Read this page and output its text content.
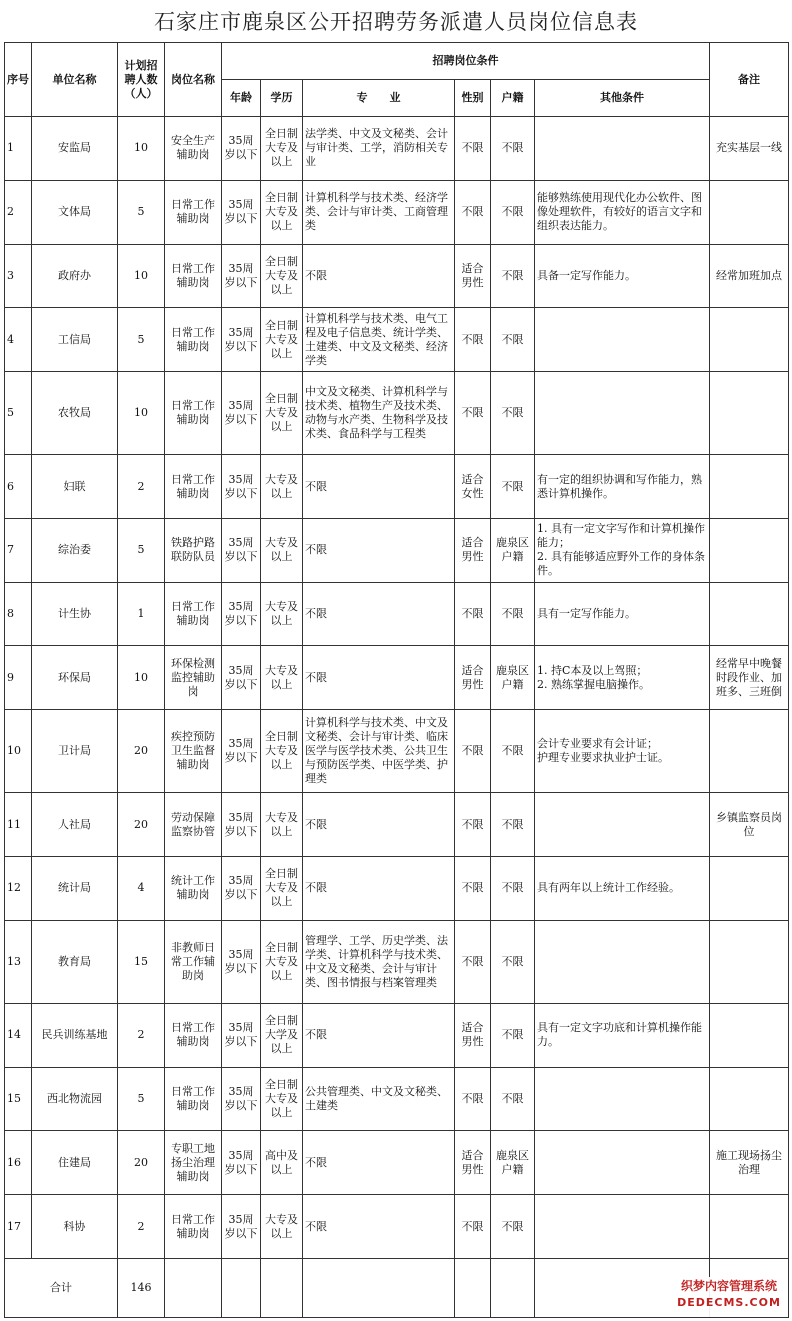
石家庄市鹿泉区公开招聘劳务派遣人员岗位信息表
序号	单位名称	计划招聘人数（人）	岗位名称	招聘岗位条件						备注
				年龄	学历	专　　业	性别	户籍	其他条件	
1	安监局	10	安全生产辅助岗	35周岁以下	全日制大专及以上	法学类、中文及文秘类、会计与审计类、工学，消防相关专业	不限	不限		充实基层一线
2	文体局	5	日常工作辅助岗	35周岁以下	全日制大专及以上	计算机科学与技术类、经济学类、会计与审计类、工商管理类	不限	不限	能够熟练使用现代化办公软件、图像处理软件，有较好的语言文字和组织表达能力。	
3	政府办	10	日常工作辅助岗	35周岁以下	全日制大专及以上	不限	适合男性	不限	具备一定写作能力。	经常加班加点
4	工信局	5	日常工作辅助岗	35周岁以下	全日制大专及以上	计算机科学与技术类、电气工程及电子信息类、统计学类、土建类、中文及文秘类、经济学类	不限	不限		
5	农牧局	10	日常工作辅助岗	35周岁以下	全日制大专及以上	中文及文秘类、计算机科学与技术类、植物生产及技术类、动物与水产类、生物科学及技术类、食品科学与工程类	不限	不限		
6	妇联	2	日常工作辅助岗	35周岁以下	大专及以上	不限	适合女性	不限	有一定的组织协调和写作能力，熟悉计算机操作。	
7	综治委	5	铁路护路联防队员	35周岁以下	大专及以上	不限	适合男性	鹿泉区户籍	1. 具有一定文字写作和计算机操作能力；
2. 具有能够适应野外工作的身体条件。	
8	计生协	1	日常工作辅助岗	35周岁以下	大专及以上	不限	不限	不限	具有一定写作能力。	
9	环保局	10	环保检测监控辅助岗	35周岁以下	大专及以上	不限	适合男性	鹿泉区户籍	1. 持C本及以上驾照；
2. 熟练掌握电脑操作。	经常早中晚餐时段作业、加班多、三班倒
10	卫计局	20	疾控预防卫生监督辅助岗	35周岁以下	全日制大专及以上	计算机科学与技术类、中文及文秘类、会计与审计类、临床医学与医学技术类、公共卫生与预防医学类、中医学类、护理类	不限	不限	会计专业要求有会计证；
护理专业要求执业护士证。	
11	人社局	20	劳动保障监察协管	35周岁以下	大专及以上	不限	不限	不限		乡镇监察员岗位
12	统计局	4	统计工作辅助岗	35周岁以下	全日制大专及以上	不限	不限	不限	具有两年以上统计工作经验。	
13	教育局	15	非教师日常工作辅助岗	35周岁以下	全日制大专及以上	管理学、工学、历史学类、法学类、计算机科学与技术类、中文及文秘类、会计与审计类、图书情报与档案管理类	不限	不限		
14	民兵训练基地	2	日常工作辅助岗	35周岁以下	全日制大学及以上	不限	适合男性	不限	具有一定文字功底和计算机操作能力。	
15	西北物流园	5	日常工作辅助岗	35周岁以下	全日制大专及以上	公共管理类、中文及文秘类、土建类	不限	不限		
16	住建局	20	专职工地扬尘治理辅助岗	35周岁以下	高中及以上	不限	适合男性	鹿泉区户籍		施工现场扬尘治理
17	科协	2	日常工作辅助岗	35周岁以下	大专及以上	不限	不限	不限		
合计		146									织梦内容管理系统
DEDECMS.COM
